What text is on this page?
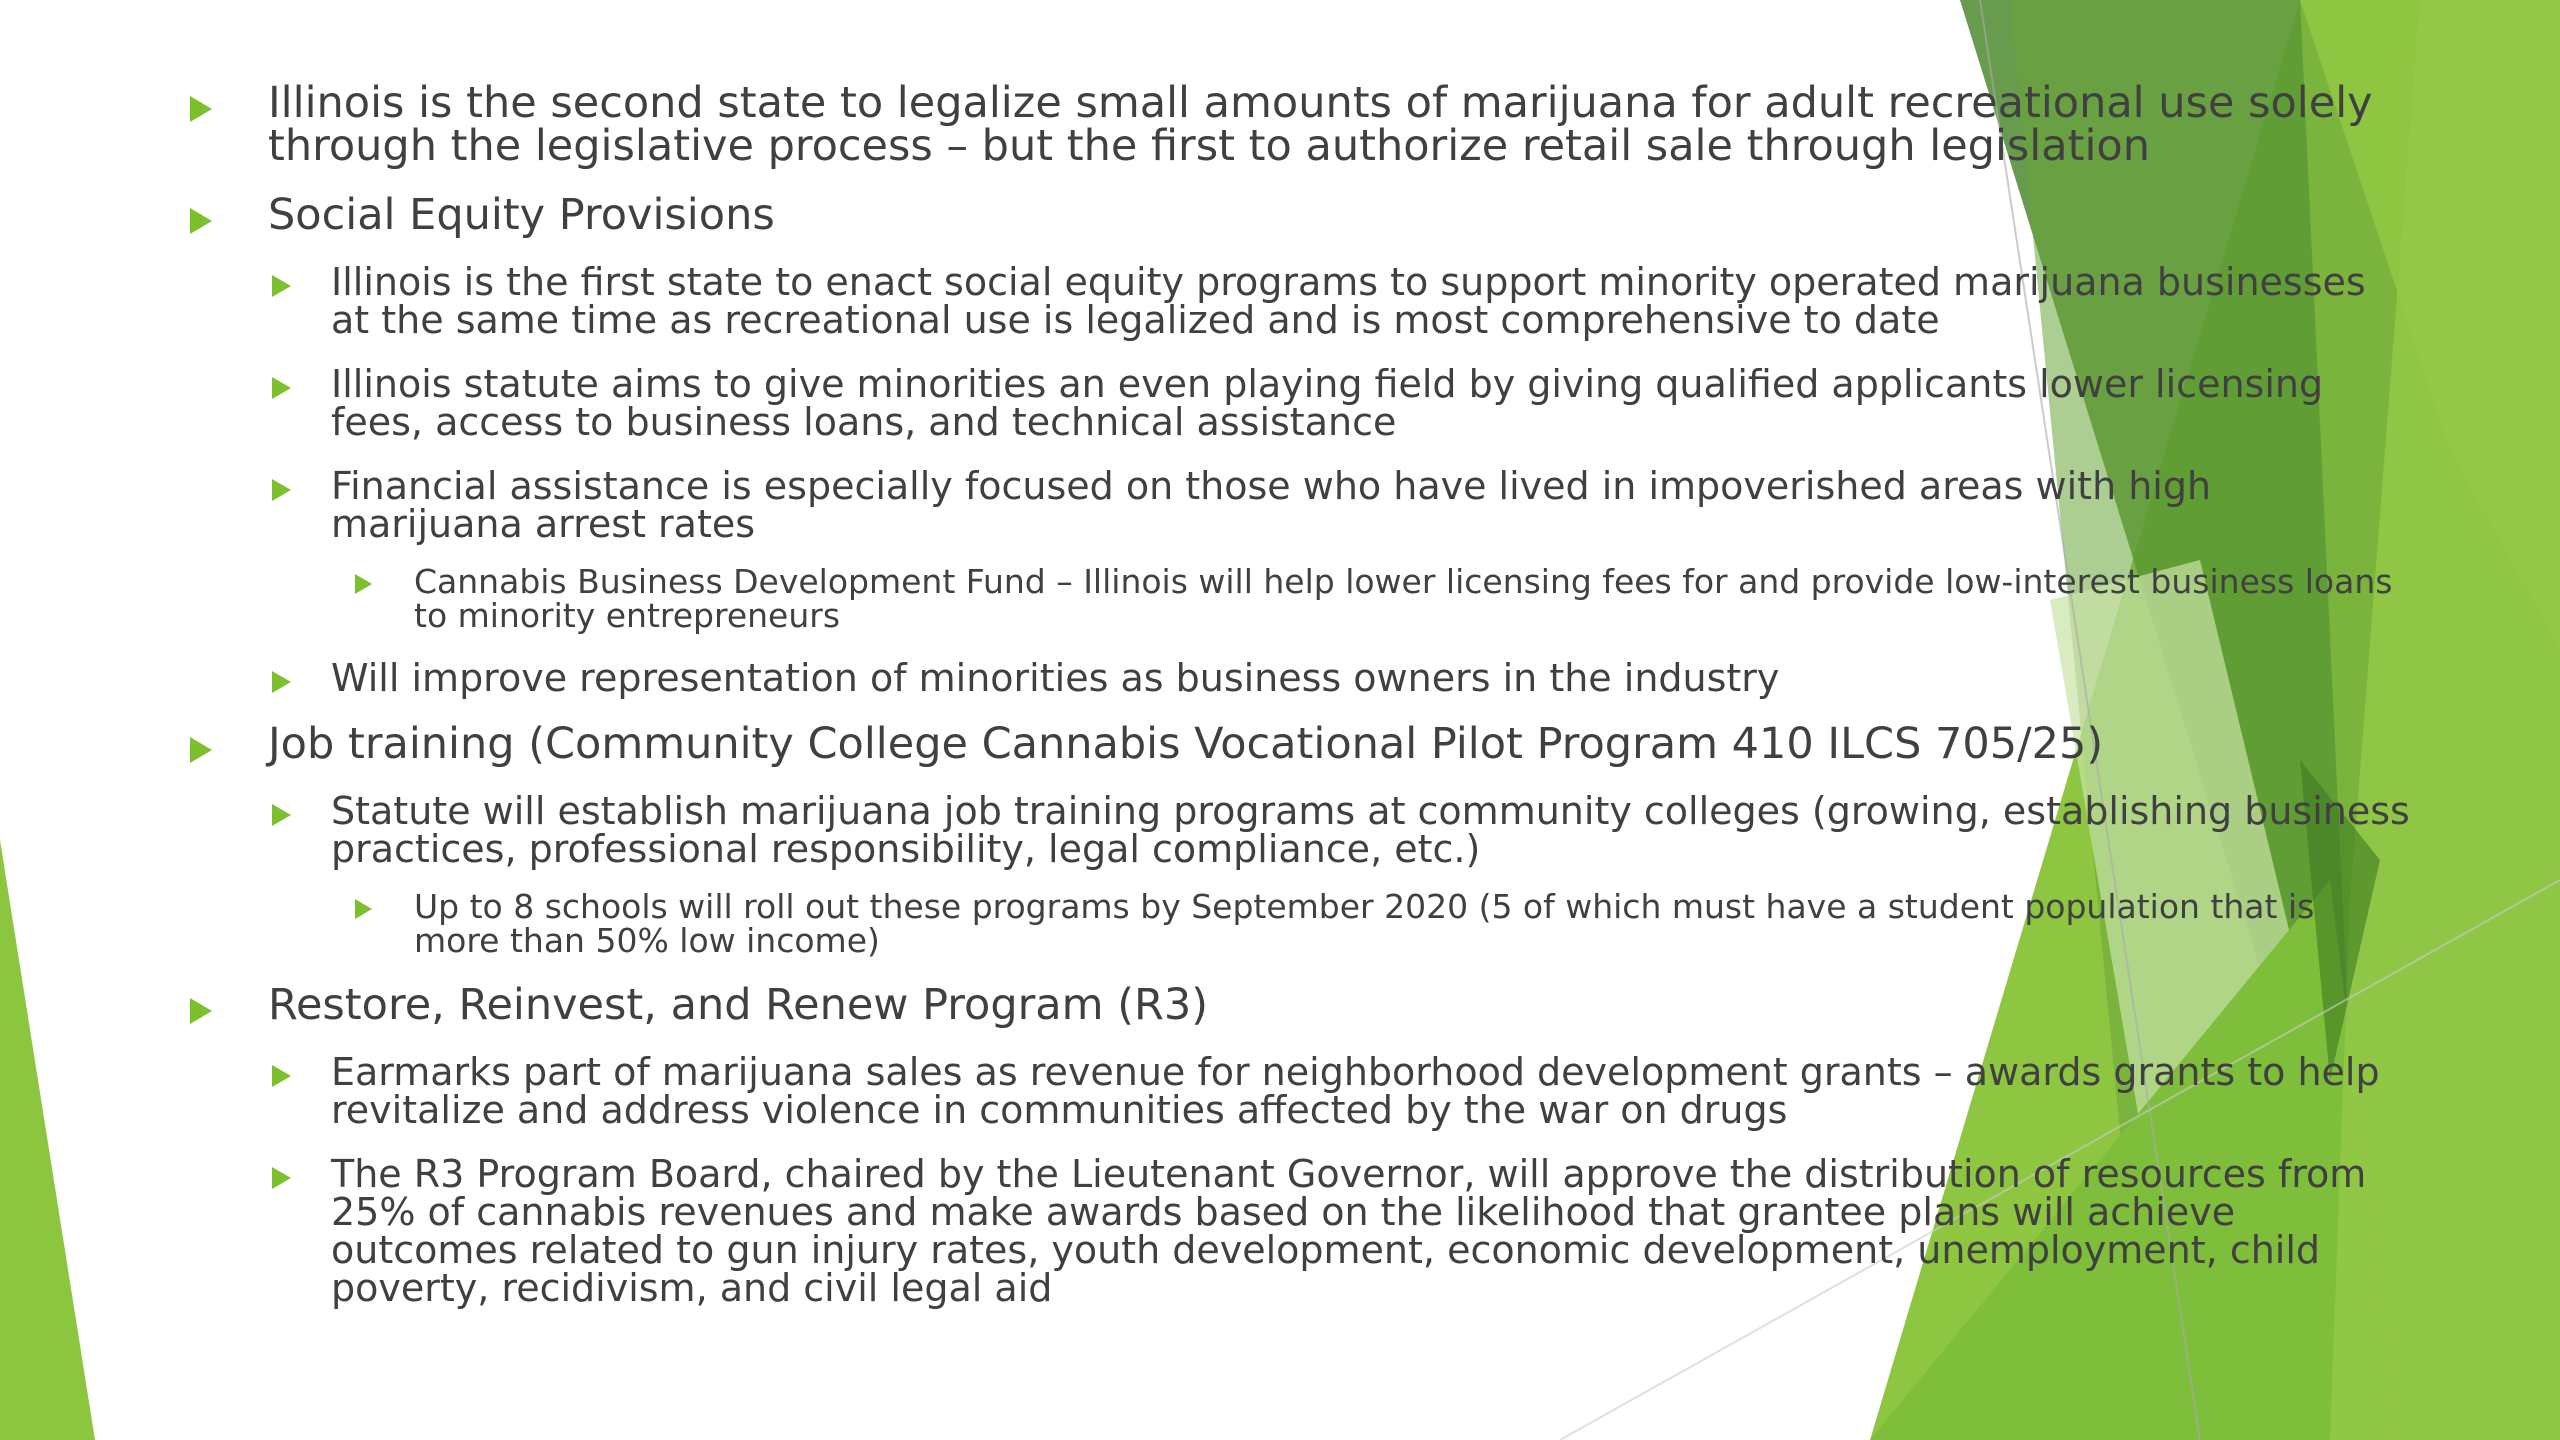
Illinois is the second state to legalize small amounts of marijuana for adult recreational use solely through the legislative process – but the first to authorize retail sale through legislation
Social Equity Provisions
Illinois is the first state to enact social equity programs to support minority operated marijuana businesses at the same time as recreational use is legalized and is most comprehensive to date
Illinois statute aims to give minorities an even playing field by giving qualified applicants lower licensing fees, access to business loans, and technical assistance
Financial assistance is especially focused on those who have lived in impoverished areas with high marijuana arrest rates
Cannabis Business Development Fund – Illinois will help lower licensing fees for and provide low-interest business loans to minority entrepreneurs
Will improve representation of minorities as business owners in the industry
Job training (Community College Cannabis Vocational Pilot Program 410 ILCS 705/25)
Statute will establish marijuana job training programs at community colleges (growing, establishing business practices, professional responsibility, legal compliance, etc.)
Up to 8 schools will roll out these programs by September 2020 (5 of which must have a student population that is more than 50% low income)
Restore, Reinvest, and Renew Program (R3)
Earmarks part of marijuana sales as revenue for neighborhood development grants – awards grants to help revitalize and address violence in communities affected by the war on drugs
The R3 Program Board, chaired by the Lieutenant Governor, will approve the distribution of resources from 25% of cannabis revenues and make awards based on the likelihood that grantee plans will achieve outcomes related to gun injury rates, youth development, economic development, unemployment, child poverty, recidivism, and civil legal aid
